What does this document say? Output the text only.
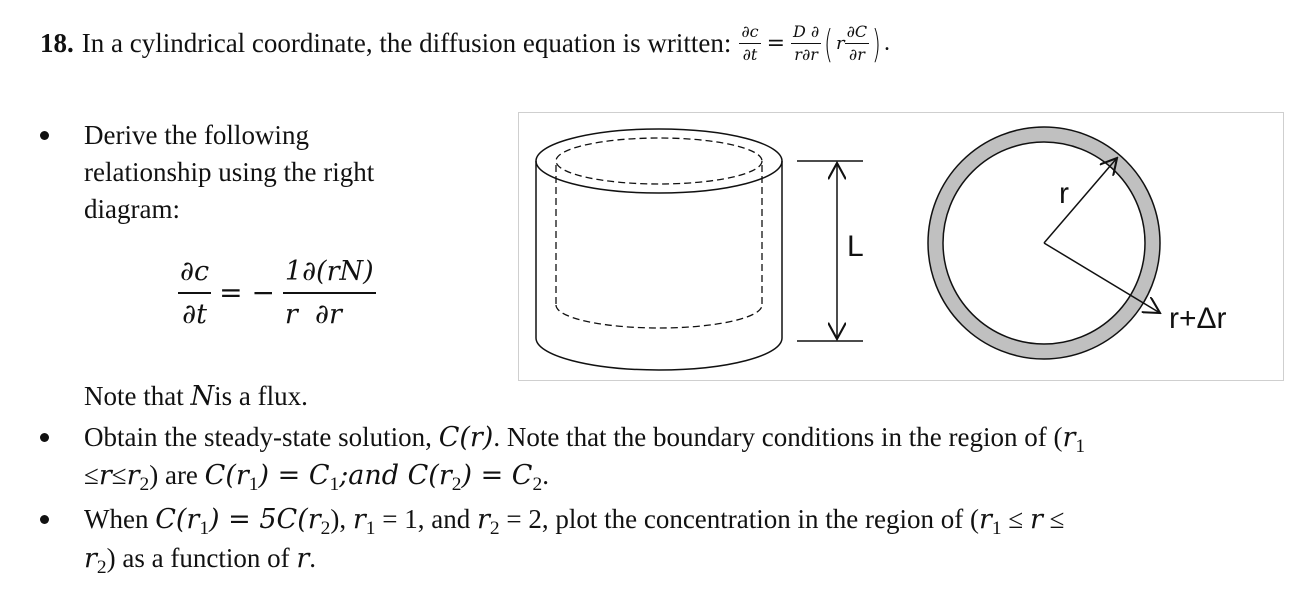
18. In a cylindrical coordinate, the diffusion equation is written: $\frac{\partial c}{\partial t} = \frac{D \partial}{r\partial r}$ ( r $\frac{\partial C}{\partial r}$ ) .
Derive the following
relationship using the right
diagram:
∂c
∂t
= −
1∂(rN)
r  ∂r
Note that Nis a flux.
Obtain the steady-state solution, C(r). Note that the boundary conditions in the region of ($r_1$
$\le r\le r_2$) are $C(r_1)$ = $C_1;and$ $C(r_2) = C_2$.
When $C(r_1) = 5C(r_2)$, $r_1 = 1$, and $r_2 = 2$, plot the concentration in the region of ($r_1 \le r$ ≤
$r_2$) as a function of r.
L
r
r+Δr
